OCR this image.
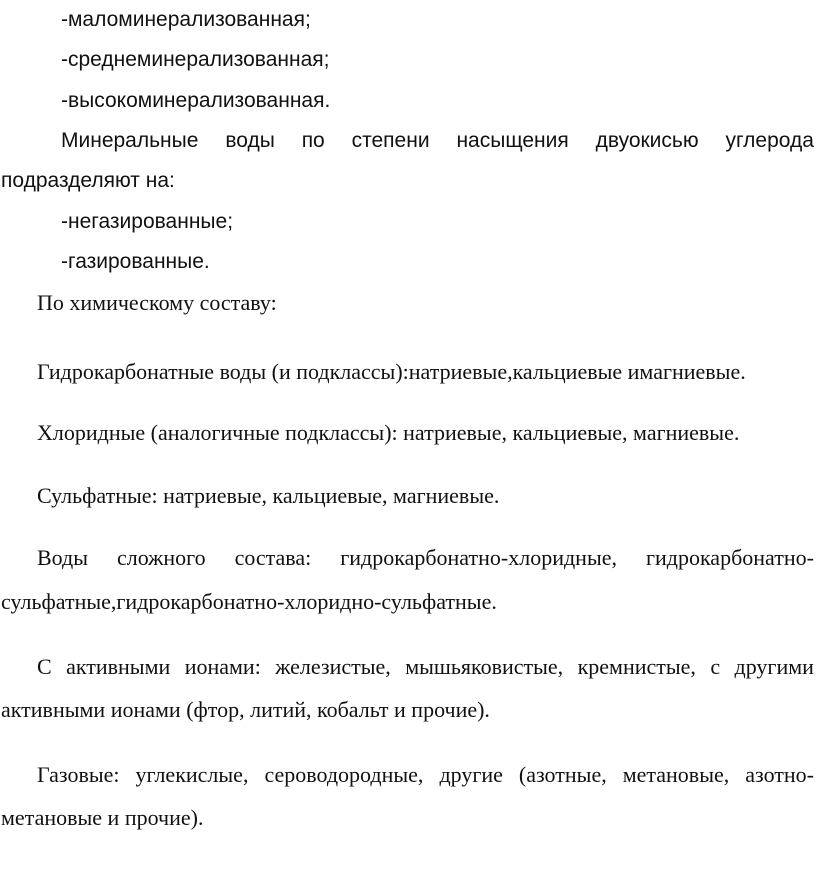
-маломинерализованная;
-среднеминерализованная;
-высокоминерализованная.
Минеральные воды по степени насыщения двуокисью углерода
подразделяют на:
-негазированные;
-газированные.
По химическому составу:
Гидрокарбонатные воды (и подклассы):натриевые,кальциевые имагниевые.
Хлоридные (аналогичные подклассы): натриевые, кальциевые, магниевые.
Сульфатные: натриевые, кальциевые, магниевые.
Воды сложного состава: гидрокарбонатно-хлоридные, гидрокарбонатно-
сульфатные,гидрокарбонатно-хлоридно-сульфатные.
С активными ионами: железистые, мышьяковистые, кремнистые, с другими
активными ионами (фтор, литий, кобальт и прочие).
Газовые: углекислые, сероводородные, другие (азотные, метановые, азотно-
метановые и прочие).
